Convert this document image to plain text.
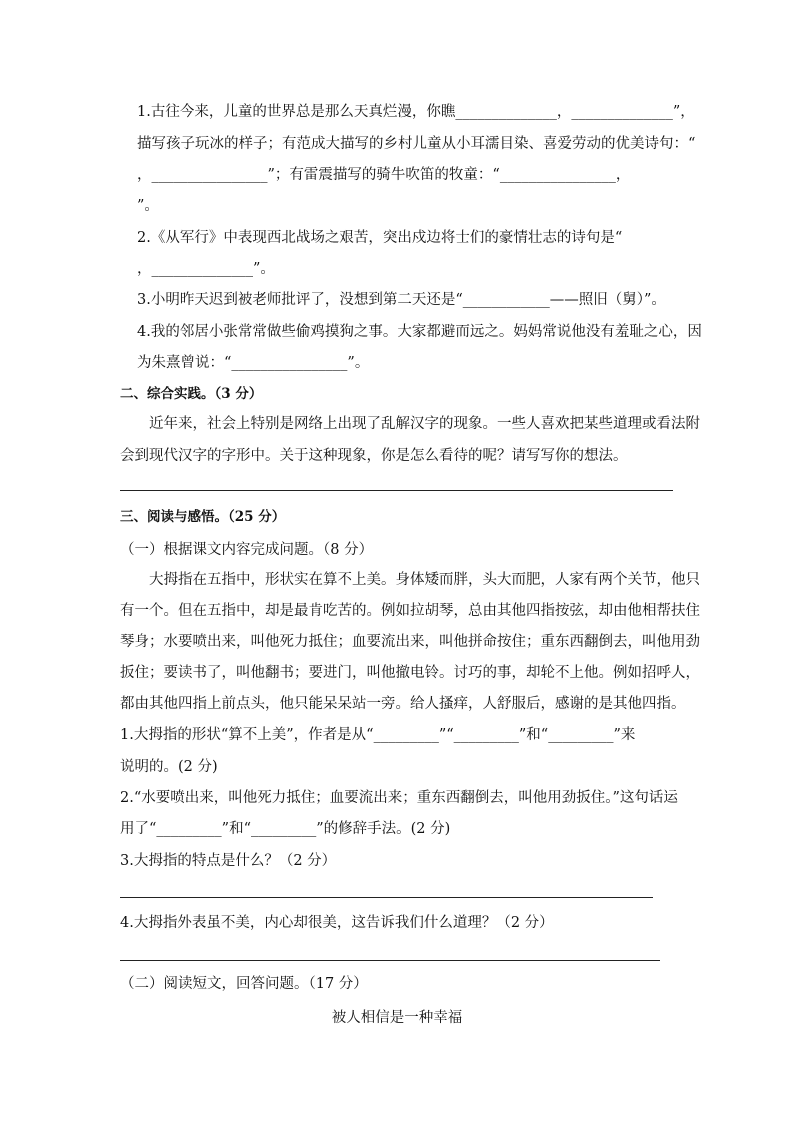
1.古往今来，儿童的世界总是那么天真烂漫，你瞧______________，______________”，
描写孩子玩冰的样子；有范成大描写的乡村儿童从小耳濡目染、喜爱劳动的优美诗句：“
，________________”；有雷震描写的骑牛吹笛的牧童：“________________，
”。
2.《从军行》中表现西北战场之艰苦，突出戍边将士们的豪情壮志的诗句是“
，______________”。
3.小明昨天迟到被老师批评了，没想到第二天还是“____________——照旧（舅）”。
4.我的邻居小张常常做些偷鸡摸狗之事。大家都避而远之。妈妈常说他没有羞耻之心，因
为朱熹曾说：“________________”。
二、综合实践。（3 分）
近年来，社会上特别是网络上出现了乱解汉字的现象。一些人喜欢把某些道理或看法附
会到现代汉字的字形中。关于这种现象，你是怎么看待的呢？请写写你的想法。
三、阅读与感悟。（25 分）
（一）根据课文内容完成问题。（8 分）
大拇指在五指中，形状实在算不上美。身体矮而胖，头大而肥，人家有两个关节，他只
有一个。但在五指中，却是最肯吃苦的。例如拉胡琴，总由其他四指按弦，却由他相帮扶住
琴身；水要喷出来，叫他死力抵住；血要流出来，叫他拼命按住；重东西翻倒去，叫他用劲
扳住；要读书了，叫他翻书；要进门，叫他撤电铃。讨巧的事，却轮不上他。例如招呼人，
都由其他四指上前点头，他只能呆呆站一旁。给人搔痒，人舒服后，感谢的是其他四指。
1.大拇指的形状“算不上美”，作者是从“_________”“_________”和“_________”来
说明的。(2 分)
2.“水要喷出来，叫他死力抵住；血要流出来；重东西翻倒去，叫他用劲扳住。”这句话运
用了“_________”和“_________”的修辞手法。(2 分)
3.大拇指的特点是什么？（2 分）
4.大拇指外表虽不美，内心却很美，这告诉我们什么道理？（2 分）
（二）阅读短文，回答问题。（17 分）
被人相信是一种幸福
